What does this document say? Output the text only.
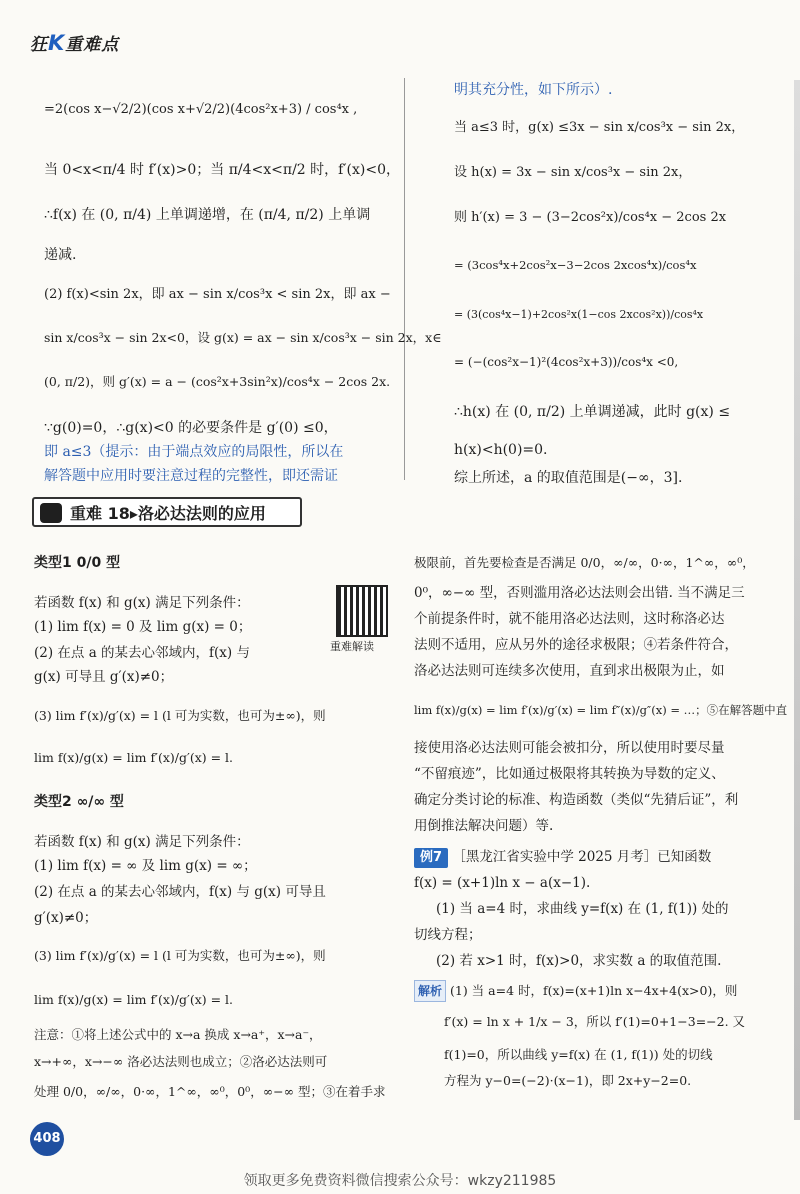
狂K重难点

=2(cos x−√2/2)(cos x+√2/2)(4cos²x+3) / cos⁴x ,

当 0<x<π/4 时 f′(x)>0；当 π/4<x<π/2 时，f′(x)<0，

∴f(x) 在 (0, π/4) 上单调递增，在 (π/4, π/2) 上单调

递减.

(2) f(x)<sin 2x，即 ax − sin x/cos³x < sin 2x，即 ax −

sin x/cos³x − sin 2x<0，设 g(x) = ax − sin x/cos³x − sin 2x，x∈

(0, π/2)，则 g′(x) = a − (cos²x+3sin²x)/cos⁴x − 2cos 2x.

∵g(0)=0，∴g(x)<0 的必要条件是 g′(0) ≤0，

即 a≤3（提示：由于端点效应的局限性，所以在

解答题中应用时要注意过程的完整性，即还需证

明其充分性，如下所示）.

当 a≤3 时，g(x) ≤3x − sin x/cos³x − sin 2x，

设 h(x) = 3x − sin x/cos³x − sin 2x，

则 h′(x) = 3 − (3−2cos²x)/cos⁴x − 2cos 2x

= (3cos⁴x+2cos²x−3−2cos 2xcos⁴x)/cos⁴x

= (3(cos⁴x−1)+2cos²x(1−cos 2xcos²x))/cos⁴x

= (−(cos²x−1)²(4cos²x+3))/cos⁴x <0,

∴h(x) 在 (0, π/2) 上单调递减，此时 g(x) ≤

h(x)<h(0)=0.

综上所述，a 的取值范围是(−∞，3].

重难 18▸洛必达法则的应用
重难解读

类型1 0/0 型

若函数 f(x) 和 g(x) 满足下列条件：

(1) lim f(x) = 0 及 lim g(x) = 0；

(2) 在点 a 的某去心邻域内，f(x) 与

g(x) 可导且 g′(x)≠0；

(3) lim f′(x)/g′(x) = l (l 可为实数，也可为±∞)，则

lim f(x)/g(x) = lim f′(x)/g′(x) = l.

类型2 ∞/∞ 型

若函数 f(x) 和 g(x) 满足下列条件：

(1) lim f(x) = ∞ 及 lim g(x) = ∞；

(2) 在点 a 的某去心邻域内，f(x) 与 g(x) 可导且

g′(x)≠0；

(3) lim f′(x)/g′(x) = l (l 可为实数，也可为±∞)，则

lim f(x)/g(x) = lim f′(x)/g′(x) = l.

注意：①将上述公式中的 x→a 换成 x→a⁺，x→a⁻，

x→+∞，x→−∞ 洛必达法则也成立；②洛必达法则可

处理 0/0，∞/∞，0·∞，1^∞，∞⁰，0⁰，∞−∞ 型；③在着手求

极限前，首先要检查是否满足 0/0，∞/∞，0·∞，1^∞，∞⁰，

0⁰，∞−∞ 型，否则滥用洛必达法则会出错. 当不满足三

个前提条件时，就不能用洛必达法则，这时称洛必达

法则不适用，应从另外的途径求极限；④若条件符合，

洛必达法则可连续多次使用，直到求出极限为止，如

lim f(x)/g(x) = lim f′(x)/g′(x) = lim f″(x)/g″(x) = …；⑤在解答题中直

接使用洛必达法则可能会被扣分，所以使用时要尽量

“不留痕迹”，比如通过极限将其转换为导数的定义、

确定分类讨论的标准、构造函数（类似“先猜后证”，利

用倒推法解决问题）等.

例7 ［黑龙江省实验中学 2025 月考］已知函数

f(x) = (x+1)ln x − a(x−1).

(1) 当 a=4 时，求曲线 y=f(x) 在 (1, f(1)) 处的

切线方程；

(2) 若 x>1 时，f(x)>0，求实数 a 的取值范围.

解析 (1) 当 a=4 时，f(x)=(x+1)ln x−4x+4(x>0)，则

f′(x) = ln x + 1/x − 3，所以 f′(1)=0+1−3=−2. 又

f(1)=0，所以曲线 y=f(x) 在 (1, f(1)) 处的切线

方程为 y−0=(−2)·(x−1)，即 2x+y−2=0.

408
领取更多免费资料微信搜索公众号：wkzy211985
